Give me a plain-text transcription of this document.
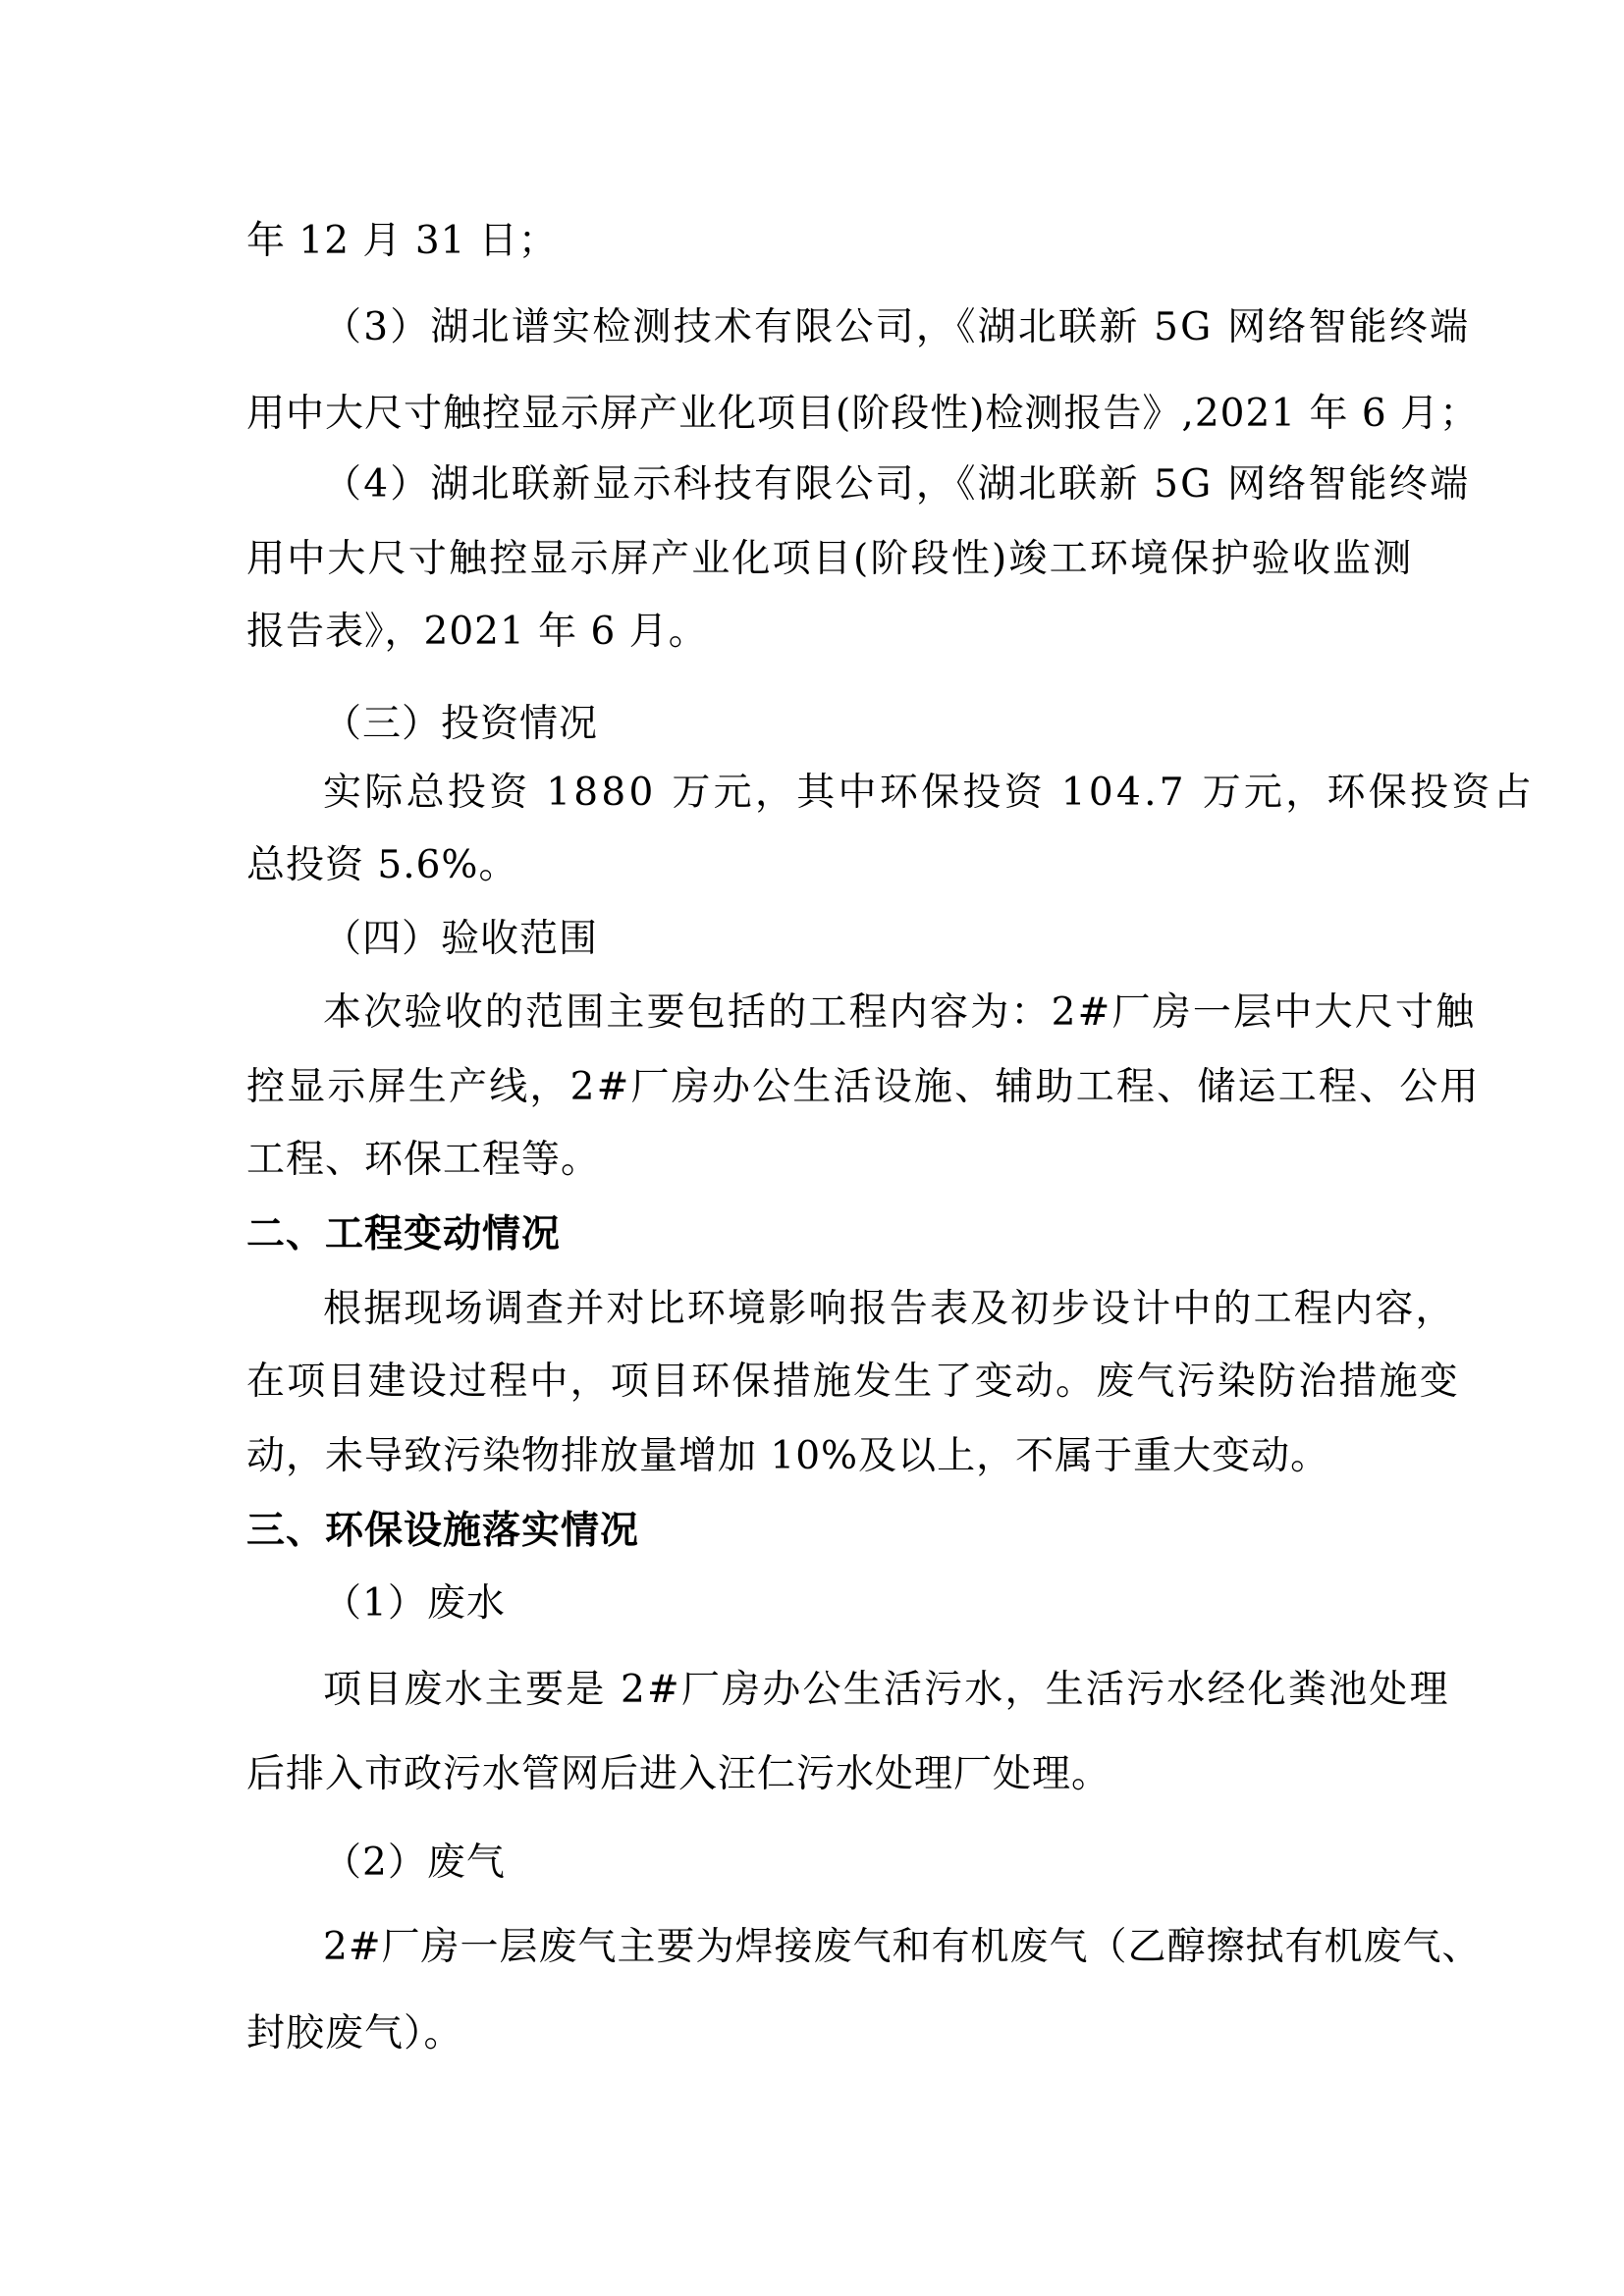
年 12 月 31 日；
（3）湖北谱实检测技术有限公司，《湖北联新 5G 网络智能终端
用中大尺寸触控显示屏产业化项目(阶段性)检测报告》,2021 年 6 月；
（4）湖北联新显示科技有限公司，《湖北联新 5G 网络智能终端
用中大尺寸触控显示屏产业化项目(阶段性)竣工环境保护验收监测
报告表》，2021 年 6 月。
（三）投资情况
实际总投资 1880 万元，其中环保投资 104.7 万元，环保投资占
总投资 5.6%。
（四）验收范围
本次验收的范围主要包括的工程内容为：2#厂房一层中大尺寸触
控显示屏生产线，2#厂房办公生活设施、辅助工程、储运工程、公用
工程、环保工程等。
二、工程变动情况
根据现场调查并对比环境影响报告表及初步设计中的工程内容，
在项目建设过程中，项目环保措施发生了变动。废气污染防治措施变
动，未导致污染物排放量增加 10%及以上，不属于重大变动。
三、环保设施落实情况
（1）废水
项目废水主要是 2#厂房办公生活污水，生活污水经化粪池处理
后排入市政污水管网后进入汪仁污水处理厂处理。
（2）废气
2#厂房一层废气主要为焊接废气和有机废气（乙醇擦拭有机废气、
封胶废气）。
